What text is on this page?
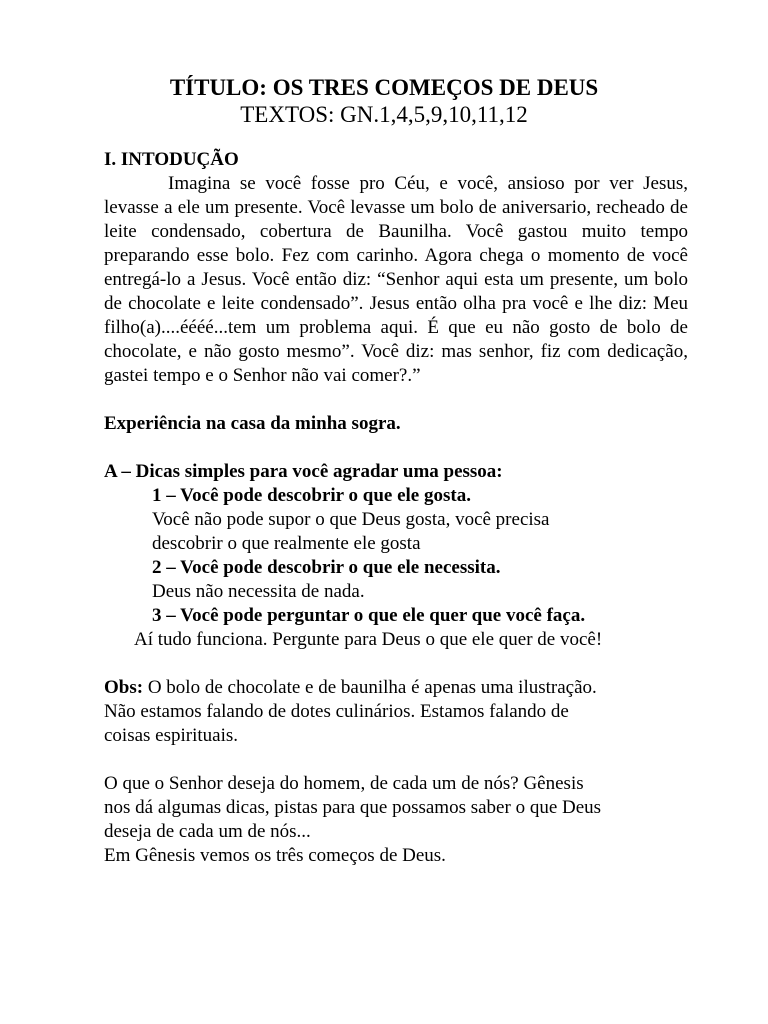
TÍTULO: OS TRES COMEÇOS DE DEUS
TEXTOS: GN.1,4,5,9,10,11,12

I. INTODUÇÃO

Imagina se você fosse pro Céu, e você, ansioso por ver Jesus, levasse a ele um presente. Você levasse um bolo de aniversario, recheado de leite condensado, cobertura de Baunilha. Você gastou muito tempo preparando esse bolo. Fez com carinho. Agora chega o momento de você entregá-lo a Jesus. Você então diz: “Senhor aqui esta um presente, um bolo de chocolate e leite condensado”. Jesus então olha pra você e lhe diz: Meu filho(a)....éééé...tem um problema aqui. É que eu não gosto de bolo de chocolate, e não gosto mesmo”. Você diz: mas senhor, fiz com dedicação, gastei tempo e o Senhor não vai comer?.”

Experiência na casa da minha sogra.

A – Dicas simples para você agradar uma pessoa:

1 – Você pode descobrir o que ele gosta.

Você não pode supor o que Deus gosta, você precisa

descobrir o que realmente ele gosta

2 – Você pode descobrir o que ele necessita.

Deus não necessita de nada.

3 – Você pode perguntar o que ele quer que você faça.

Aí tudo funciona. Pergunte para Deus o que ele quer de você!

Obs: O bolo de chocolate e de baunilha é apenas uma ilustração.

Não estamos falando de dotes culinários. Estamos falando de

coisas espirituais.

O que o Senhor deseja do homem, de cada um de nós? Gênesis

nos dá algumas dicas, pistas para que possamos saber o que Deus

deseja de cada um de nós...

Em Gênesis vemos os três começos de Deus.
